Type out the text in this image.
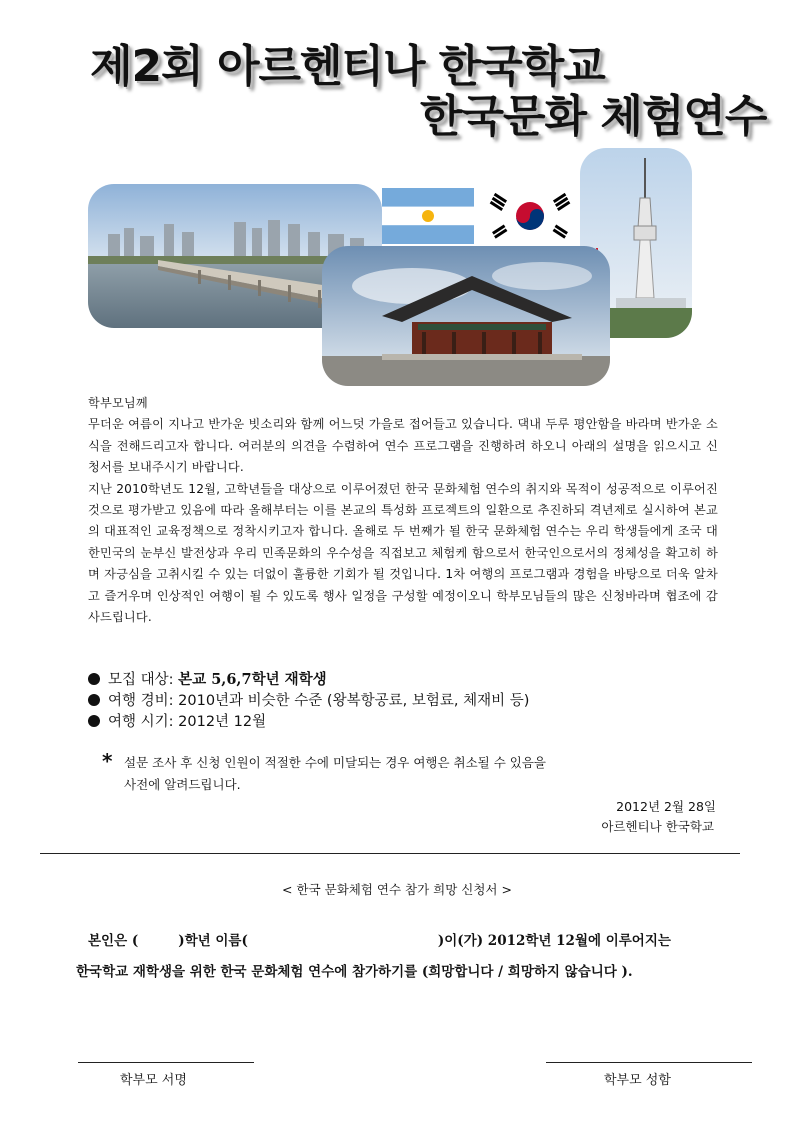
제2회 아르헨티나 한국학교
한국문화 체험연수

학부모님께

무더운 여름이 지나고 반가운 빗소리와 함께 어느덧 가을로 접어들고 있습니다. 댁내 두루 평안함을 바라며 반가운 소식을 전해드리고자 합니다. 여러분의 의견을 수렴하여 연수 프로그램을 진행하려 하오니 아래의 설명을 읽으시고 신청서를 보내주시기 바랍니다.

지난 2010학년도 12월, 고학년들을 대상으로 이루어졌던 한국 문화체험 연수의 취지와 목적이 성공적으로 이루어진 것으로 평가받고 있음에 따라 올해부터는 이를 본교의 특성화 프로젝트의 일환으로 추진하되 격년제로 실시하여 본교의 대표적인 교육정책으로 정착시키고자 합니다. 올해로 두 번째가 될 한국 문화체험 연수는 우리 학생들에게 조국 대한민국의 눈부신 발전상과 우리 민족문화의 우수성을 직접보고 체험케 함으로서 한국인으로서의 정체성을 확고히 하며 자긍심을 고취시킬 수 있는 더없이 훌륭한 기회가 될 것입니다. 1차 여행의 프로그램과 경험을 바탕으로 더욱 알차고 즐거우며 인상적인 여행이 될 수 있도록 행사 일정을 구성할 예정이오니 학부모님들의 많은 신청바라며 협조에 감사드립니다.

모집 대상: 본교 5,6,7학년 재학생
여행 경비: 2010년과 비슷한 수준 (왕복항공료, 보험료, 체재비 등)
여행 시기: 2012년 12월
* 설문 조사 후 신청 인원이 적절한 수에 미달되는 경우 여행은 취소될 수 있음을
사전에 알려드립니다.
2012년 2월 28일
아르헨티나 한국학교
< 한국 문화체험 연수 참가 희망 신청서 >
본인은 (	)학년 이름(	)이(가) 2012학년 12월에 이루어지는
한국학교 재학생을 위한 한국 문화체험 연수에 참가하기를 (희망합니다 / 희망하지 않습니다 ).
학부모 서명	학부모 성함
